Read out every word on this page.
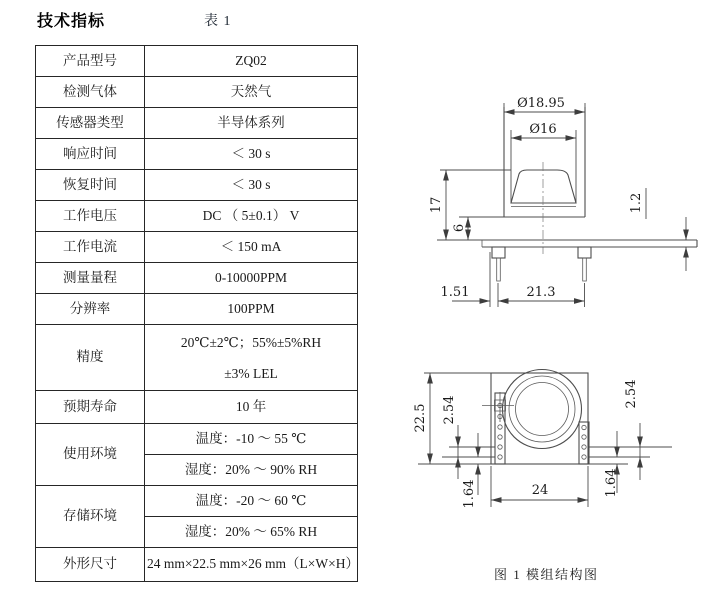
技术指标	表 1
产品型号	ZQ02
检测气体	天然气
传感器类型	半导体系列
响应时间	＜ 30 s
恢复时间	＜ 30 s
工作电压	DC （ 5±0.1） V
工作电流	＜ 150 mA
测量量程	0-10000PPM
分辨率	100PPM
精度	20℃±2℃；55%±5%RH
±3% LEL

预期寿命	10 年
使用环境	温度：-10 ～ 55 ℃
	湿度：20% ～ 90% RH
存储环境	温度：-20 ～ 60 ℃
	湿度：20% ～ 65% RH
外形尺寸	24 mm×22.5 mm×26 mm（L×W×H）
Ø18.95
Ø16
17
6
1.2
1.51	21.3
22.5 2.54
1.64
2.54
1.64
24
图 1 模组结构图
